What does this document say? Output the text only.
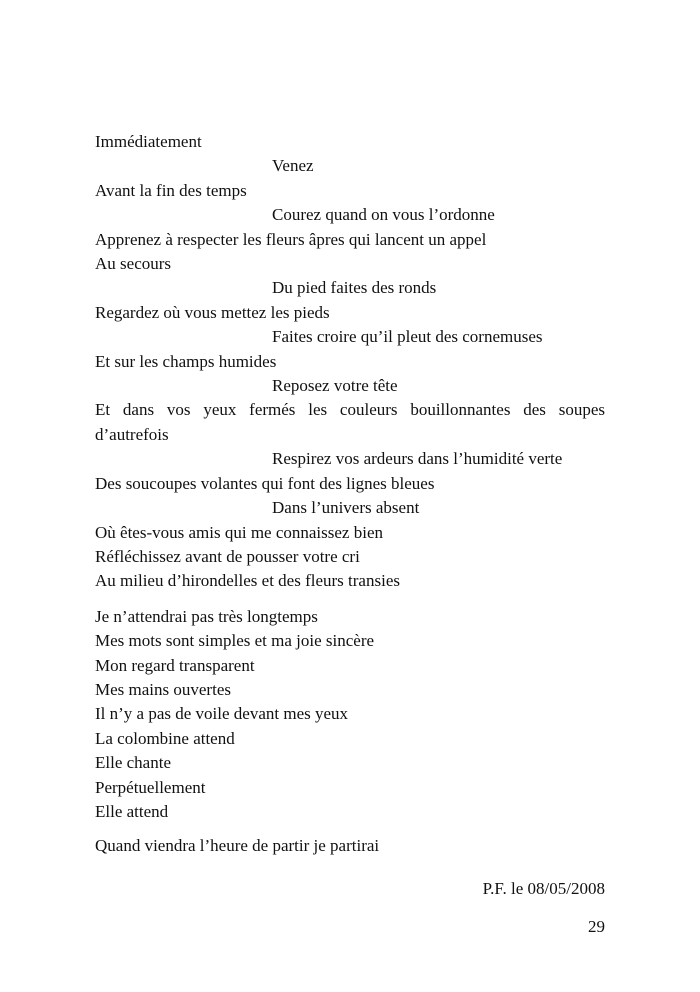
Immédiatement

Venez

Avant la fin des temps

Courez quand on vous l’ordonne

Apprenez à respecter les fleurs âpres qui lancent un appel

Au secours

Du pied faites des ronds

Regardez où vous mettez les pieds

Faites croire qu’il pleut des cornemuses

Et sur les champs humides

Reposez votre tête

Et dans vos yeux fermés les couleurs bouillonnantes des soupes d’autrefois

Respirez vos ardeurs dans l’humidité verte

Des soucoupes volantes qui font des lignes bleues

Dans l’univers absent

Où êtes-vous amis qui me connaissez bien

Réfléchissez avant de pousser votre cri

Au milieu d’hirondelles et des fleurs transies

Je n’attendrai pas très longtemps

Mes mots sont simples et ma joie sincère

Mon regard transparent

Mes mains ouvertes

Il n’y a pas de voile devant mes yeux

La colombine attend

Elle chante

Perpétuellement

Elle attend

Quand viendra l’heure de partir je partirai

P.F. le 08/05/2008
29
